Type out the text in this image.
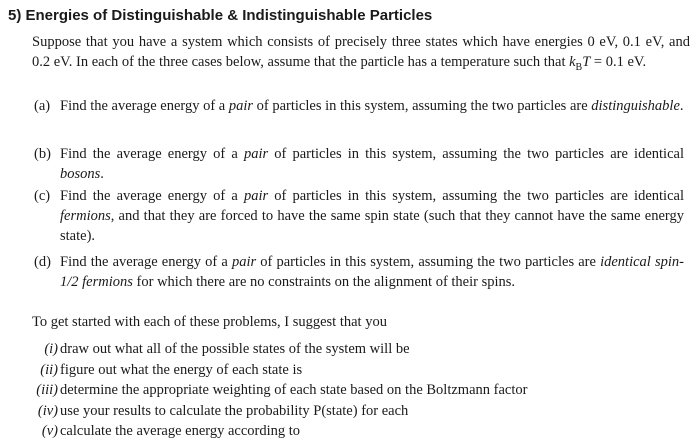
5) Energies of Distinguishable & Indistinguishable Particles
Suppose that you have a system which consists of precisely three states which have energies 0 eV, 0.1 eV, and 0.2 eV. In each of the three cases below, assume that the particle has a temperature such that $k_BT = 0.1$ eV.
(a) Find the average energy of a pair of particles in this system, assuming the two particles are distinguishable.
(b) Find the average energy of a pair of particles in this system, assuming the two particles are identical bosons.
(c) Find the average energy of a pair of particles in this system, assuming the two particles are identical fermions, and that they are forced to have the same spin state (such that they cannot have the same energy state).
(d) Find the average energy of a pair of particles in this system, assuming the two particles are identical spin-1/2 fermions for which there are no constraints on the alignment of their spins.
To get started with each of these problems, I suggest that you
(i) draw out what all of the possible states of the system will be
(ii) figure out what the energy of each state is
(iii) determine the appropriate weighting of each state based on the Boltzmann factor
(iv) use your results to calculate the probability P(state) for each
(v) calculate the average energy according to
